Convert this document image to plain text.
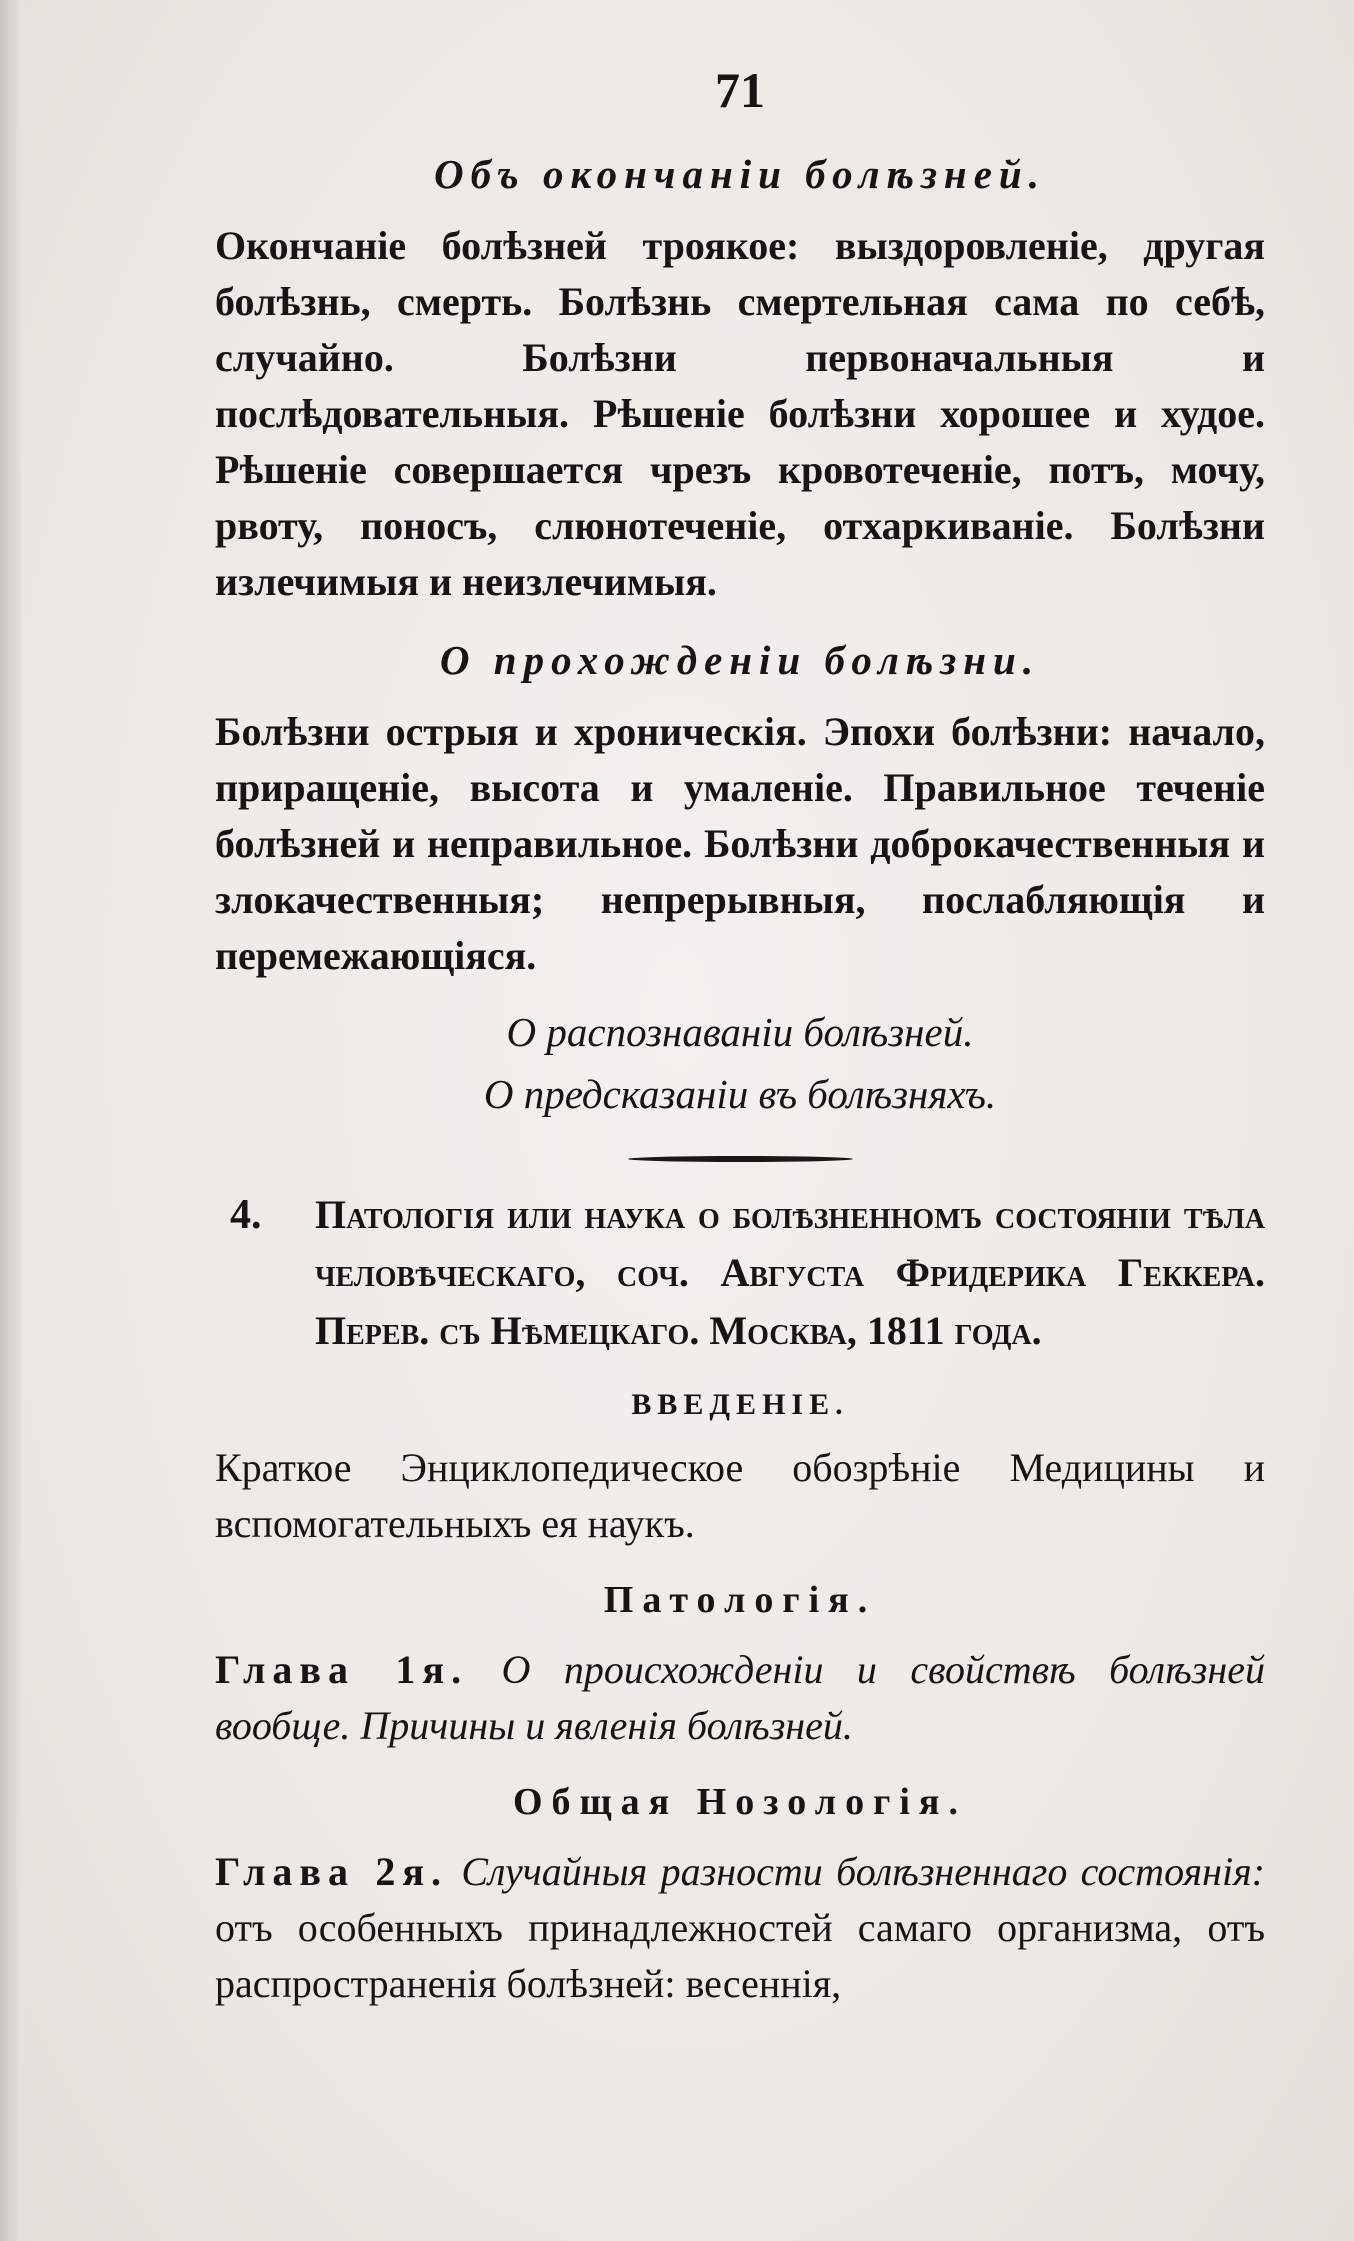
71
Объ окончанiи болѣзней.

Окончанiе болѣзней троякое: выздоровленiе, другая болѣзнь, смерть. Болѣзнь смертельная сама по себѣ, случайно. Болѣзни первоначальныя и послѣдовательныя. Рѣшенiе болѣзни хорошее и худое. Рѣшенiе совершается чрезъ кровотеченiе, потъ, мочу, рвоту, поносъ, слюнотеченiе, отхаркиванiе. Болѣзни излечимыя и неизлечимыя.

О прохожденiи болѣзни.

Болѣзни острыя и хроническiя. Эпохи болѣзни: начало, приращенiе, высота и умаленiе. Правильное теченiе болѣзней и неправильное. Болѣзни доброкачественныя и злокачественныя; непрерывныя, послабляющiя и перемежающiяся.

О распознаванiи болѣзней.
О предсказанiи въ болѣзняхъ.
4. Патологiя или наука о болѣзненномъ состоянiи тѣла человѣческаго, соч. Августа Фридерика Геккера. Перев. съ Нѣмецкаго. Москва, 1811 года.
ВВЕДЕНIЕ.

Краткое Энциклопедическое обозрѣнiе Медицины и вспомогательныхъ ея наукъ.

Патологiя.

Глава 1я. О происхожденiи и свойствѣ болѣзней вообще. Причины и явленiя болѣзней.

Общая Нозологiя.

Глава 2я. Случайныя разности болѣзненнаго состоянiя: отъ особенныхъ принадлежностей самаго организма, отъ распространенiя болѣзней: весеннiя,
